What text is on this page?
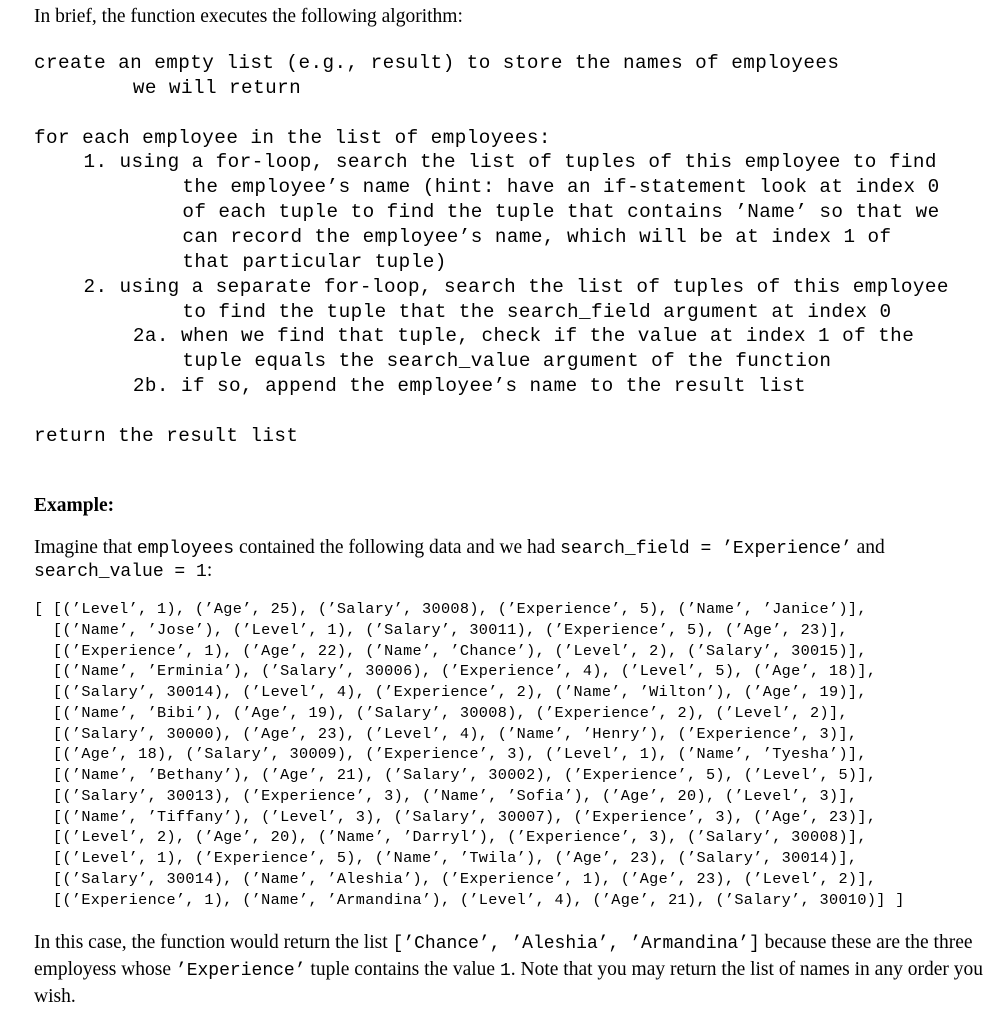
In brief, the function executes the following algorithm:
create an empty list (e.g., result) to store the names of employees
we will return
for each employee in the list of employees:
1. using a for-loop, search the list of tuples of this employee to find
the employee’s name (hint: have an if-statement look at index 0
of each tuple to find the tuple that contains ’Name’ so that we
can record the employee’s name, which will be at index 1 of
that particular tuple)
2. using a separate for-loop, search the list of tuples of this employee
to find the tuple that the search_field argument at index 0
2a. when we find that tuple, check if the value at index 1 of the
tuple equals the search_value argument of the function
2b. if so, append the employee’s name to the result list
return the result list
Example:
Imagine that employees contained the following data and we had search_field = ’Experience’ and search_value = 1:
[ [(’Level’, 1), (’Age’, 25), (’Salary’, 30008), (’Experience’, 5), (’Name’, ’Janice’)],
[(’Name’, ’Jose’), (’Level’, 1), (’Salary’, 30011), (’Experience’, 5), (’Age’, 23)],
[(’Experience’, 1), (’Age’, 22), (’Name’, ’Chance’), (’Level’, 2), (’Salary’, 30015)],
[(’Name’, ’Erminia’), (’Salary’, 30006), (’Experience’, 4), (’Level’, 5), (’Age’, 18)],
[(’Salary’, 30014), (’Level’, 4), (’Experience’, 2), (’Name’, ’Wilton’), (’Age’, 19)],
[(’Name’, ’Bibi’), (’Age’, 19), (’Salary’, 30008), (’Experience’, 2), (’Level’, 2)],
[(’Salary’, 30000), (’Age’, 23), (’Level’, 4), (’Name’, ’Henry’), (’Experience’, 3)],
[(’Age’, 18), (’Salary’, 30009), (’Experience’, 3), (’Level’, 1), (’Name’, ’Tyesha’)],
[(’Name’, ’Bethany’), (’Age’, 21), (’Salary’, 30002), (’Experience’, 5), (’Level’, 5)],
[(’Salary’, 30013), (’Experience’, 3), (’Name’, ’Sofia’), (’Age’, 20), (’Level’, 3)],
[(’Name’, ’Tiffany’), (’Level’, 3), (’Salary’, 30007), (’Experience’, 3), (’Age’, 23)],
[(’Level’, 2), (’Age’, 20), (’Name’, ’Darryl’), (’Experience’, 3), (’Salary’, 30008)],
[(’Level’, 1), (’Experience’, 5), (’Name’, ’Twila’), (’Age’, 23), (’Salary’, 30014)],
[(’Salary’, 30014), (’Name’, ’Aleshia’), (’Experience’, 1), (’Age’, 23), (’Level’, 2)],
[(’Experience’, 1), (’Name’, ’Armandina’), (’Level’, 4), (’Age’, 21), (’Salary’, 30010)] ]
In this case, the function would return the list [’Chance’, ’Aleshia’, ’Armandina’] because these are the three employess whose ’Experience’ tuple contains the value 1. Note that you may return the list of names in any order you wish.
